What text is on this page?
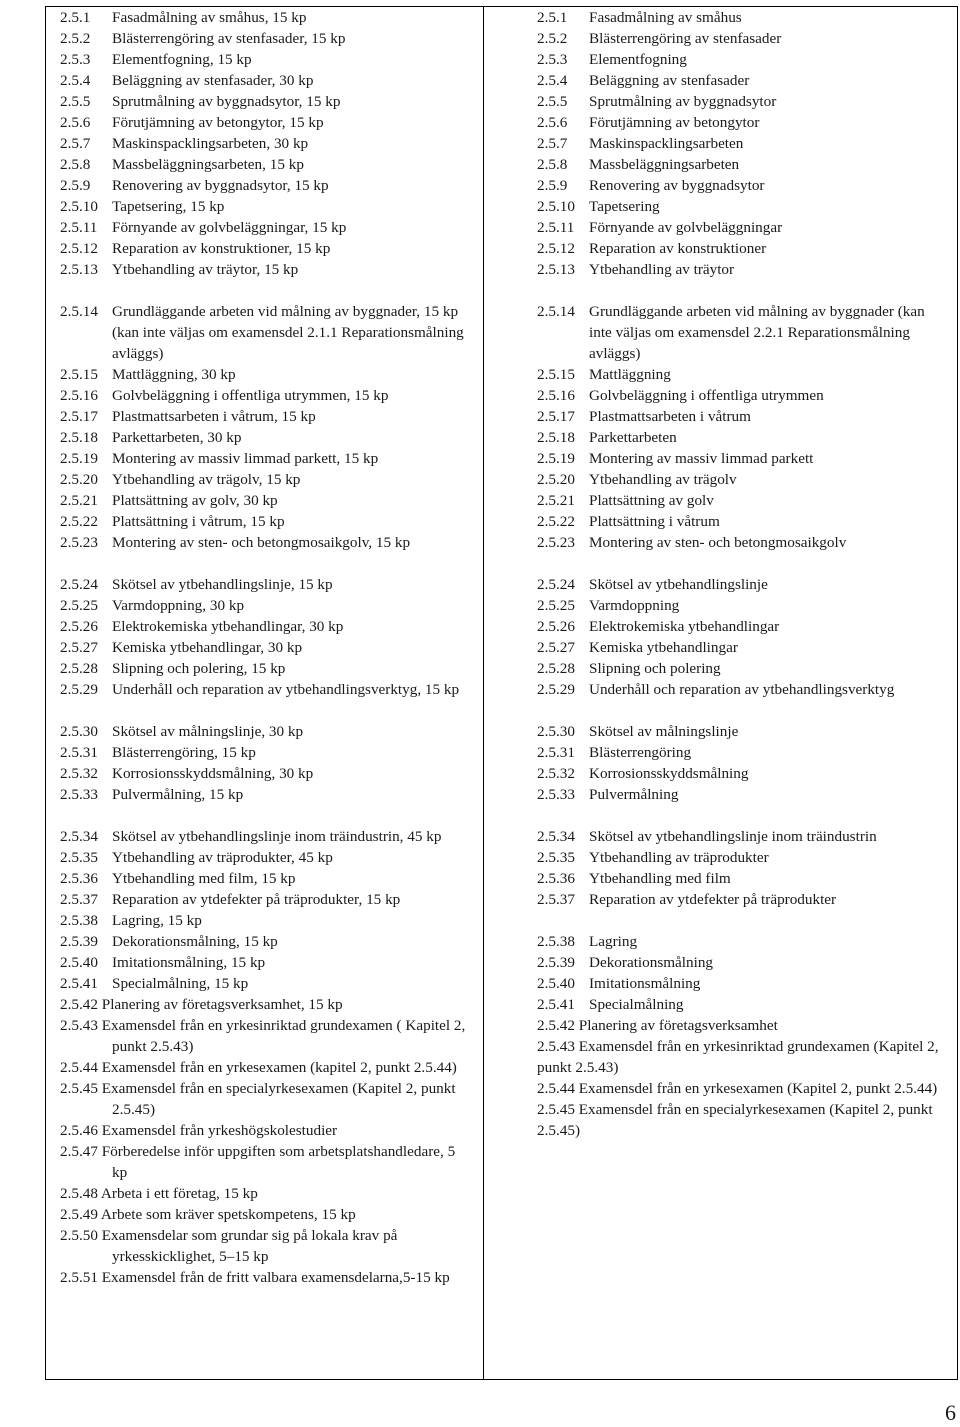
2.5.1 Fasadmålning av småhus, 15 kp
2.5.2 Blästerrengöring av stenfasader, 15 kp
2.5.3 Elementfogning, 15 kp
2.5.4 Beläggning av stenfasader, 30 kp
2.5.5 Sprutmålning av byggnadsytor, 15 kp
2.5.6 Förutjämning av betongytor, 15 kp
2.5.7 Maskinspacklingsarbeten, 30 kp
2.5.8 Massbeläggningsarbeten, 15 kp
2.5.9 Renovering av byggnadsytor, 15 kp
2.5.10 Tapetsering, 15 kp
2.5.11 Förnyande av golvbeläggningar, 15 kp
2.5.12 Reparation av konstruktioner, 15 kp
2.5.13 Ytbehandling av träytor, 15 kp
2.5.14 Grundläggande arbeten vid målning av byggnader, 15 kp (kan inte väljas om examensdel 2.1.1 Reparationsmålning avläggs)
2.5.15 Mattläggning, 30 kp
2.5.16 Golvbeläggning i offentliga utrymmen, 15 kp
2.5.17 Plastmattsarbeten i våtrum, 15 kp
2.5.18 Parkettarbeten, 30 kp
2.5.19 Montering av massiv limmad parkett, 15 kp
2.5.20 Ytbehandling av trägolv, 15 kp
2.5.21 Plattsättning av golv, 30 kp
2.5.22 Plattsättning i våtrum, 15 kp
2.5.23 Montering av sten- och betongmosaikgolv, 15 kp
2.5.24 Skötsel av ytbehandlingslinje, 15 kp
2.5.25 Varmdoppning, 30 kp
2.5.26 Elektrokemiska ytbehandlingar, 30 kp
2.5.27 Kemiska ytbehandlingar, 30 kp
2.5.28 Slipning och polering, 15 kp
2.5.29 Underhåll och reparation av ytbehandlingsverktyg, 15 kp
2.5.30 Skötsel av målningslinje, 30 kp
2.5.31 Blästerrengöring, 15 kp
2.5.32 Korrosionsskyddsmålning, 30 kp
2.5.33 Pulvermålning, 15 kp
2.5.34 Skötsel av ytbehandlingslinje inom träindustrin, 45 kp
2.5.35 Ytbehandling av träprodukter, 45 kp
2.5.36 Ytbehandling med film, 15 kp
2.5.37 Reparation av ytdefekter på träprodukter, 15 kp
2.5.38 Lagring, 15 kp
2.5.39 Dekorationsmålning, 15 kp
2.5.40 Imitationsmålning, 15 kp
2.5.41 Specialmålning, 15 kp
2.5.42 Planering av företagsverksamhet, 15 kp
2.5.43 Examensdel från en yrkesinriktad grundexamen ( Kapitel 2, punkt 2.5.43)
2.5.44 Examensdel från en yrkesexamen (kapitel 2, punkt 2.5.44)
2.5.45 Examensdel från en specialyrkesexamen (Kapitel 2, punkt 2.5.45)
2.5.46 Examensdel från yrkeshögskolestudier
2.5.47 Förberedelse inför uppgiften som arbetsplatshandledare, 5 kp
2.5.48 Arbeta i ett företag, 15 kp
2.5.49 Arbete som kräver spetskompetens, 15 kp
2.5.50 Examensdelar som grundar sig på lokala krav på yrkesskicklighet, 5–15 kp
2.5.51 Examensdel från de fritt valbara examensdelarna,5-15 kp
2.5.1 Fasadmålning av småhus
2.5.2 Blästerrengöring av stenfasader
2.5.3 Elementfogning
2.5.4 Beläggning av stenfasader
2.5.5 Sprutmålning av byggnadsytor
2.5.6 Förutjämning av betongytor
2.5.7 Maskinspacklingsarbeten
2.5.8 Massbeläggningsarbeten
2.5.9 Renovering av byggnadsytor
2.5.10 Tapetsering
2.5.11 Förnyande av golvbeläggningar
2.5.12 Reparation av konstruktioner
2.5.13 Ytbehandling av träytor
2.5.14 Grundläggande arbeten vid målning av byggnader (kan inte väljas om examensdel 2.2.1 Reparationsmålning avläggs)
2.5.15 Mattläggning
2.5.16 Golvbeläggning i offentliga utrymmen
2.5.17 Plastmattsarbeten i våtrum
2.5.18 Parkettarbeten
2.5.19 Montering av massiv limmad parkett
2.5.20 Ytbehandling av trägolv
2.5.21 Plattsättning av golv
2.5.22 Plattsättning i våtrum
2.5.23 Montering av sten- och betongmosaikgolv
2.5.24 Skötsel av ytbehandlingslinje
2.5.25 Varmdoppning
2.5.26 Elektrokemiska ytbehandlingar
2.5.27 Kemiska ytbehandlingar
2.5.28 Slipning och polering
2.5.29 Underhåll och reparation av ytbehandlingsverktyg
2.5.30 Skötsel av målningslinje
2.5.31 Blästerrengöring
2.5.32 Korrosionsskyddsmålning
2.5.33 Pulvermålning
2.5.34 Skötsel av ytbehandlingslinje inom träindustrin
2.5.35 Ytbehandling av träprodukter
2.5.36 Ytbehandling med film
2.5.37 Reparation av ytdefekter på träprodukter
2.5.38 Lagring
2.5.39 Dekorationsmålning
2.5.40 Imitationsmålning
2.5.41 Specialmålning
2.5.42 Planering av företagsverksamhet
2.5.43 Examensdel från en yrkesinriktad grundexamen (Kapitel 2, punkt 2.5.43)
2.5.44 Examensdel från en yrkesexamen (Kapitel 2, punkt 2.5.44)
2.5.45 Examensdel från en specialyrkesexamen (Kapitel 2, punkt 2.5.45)
6
